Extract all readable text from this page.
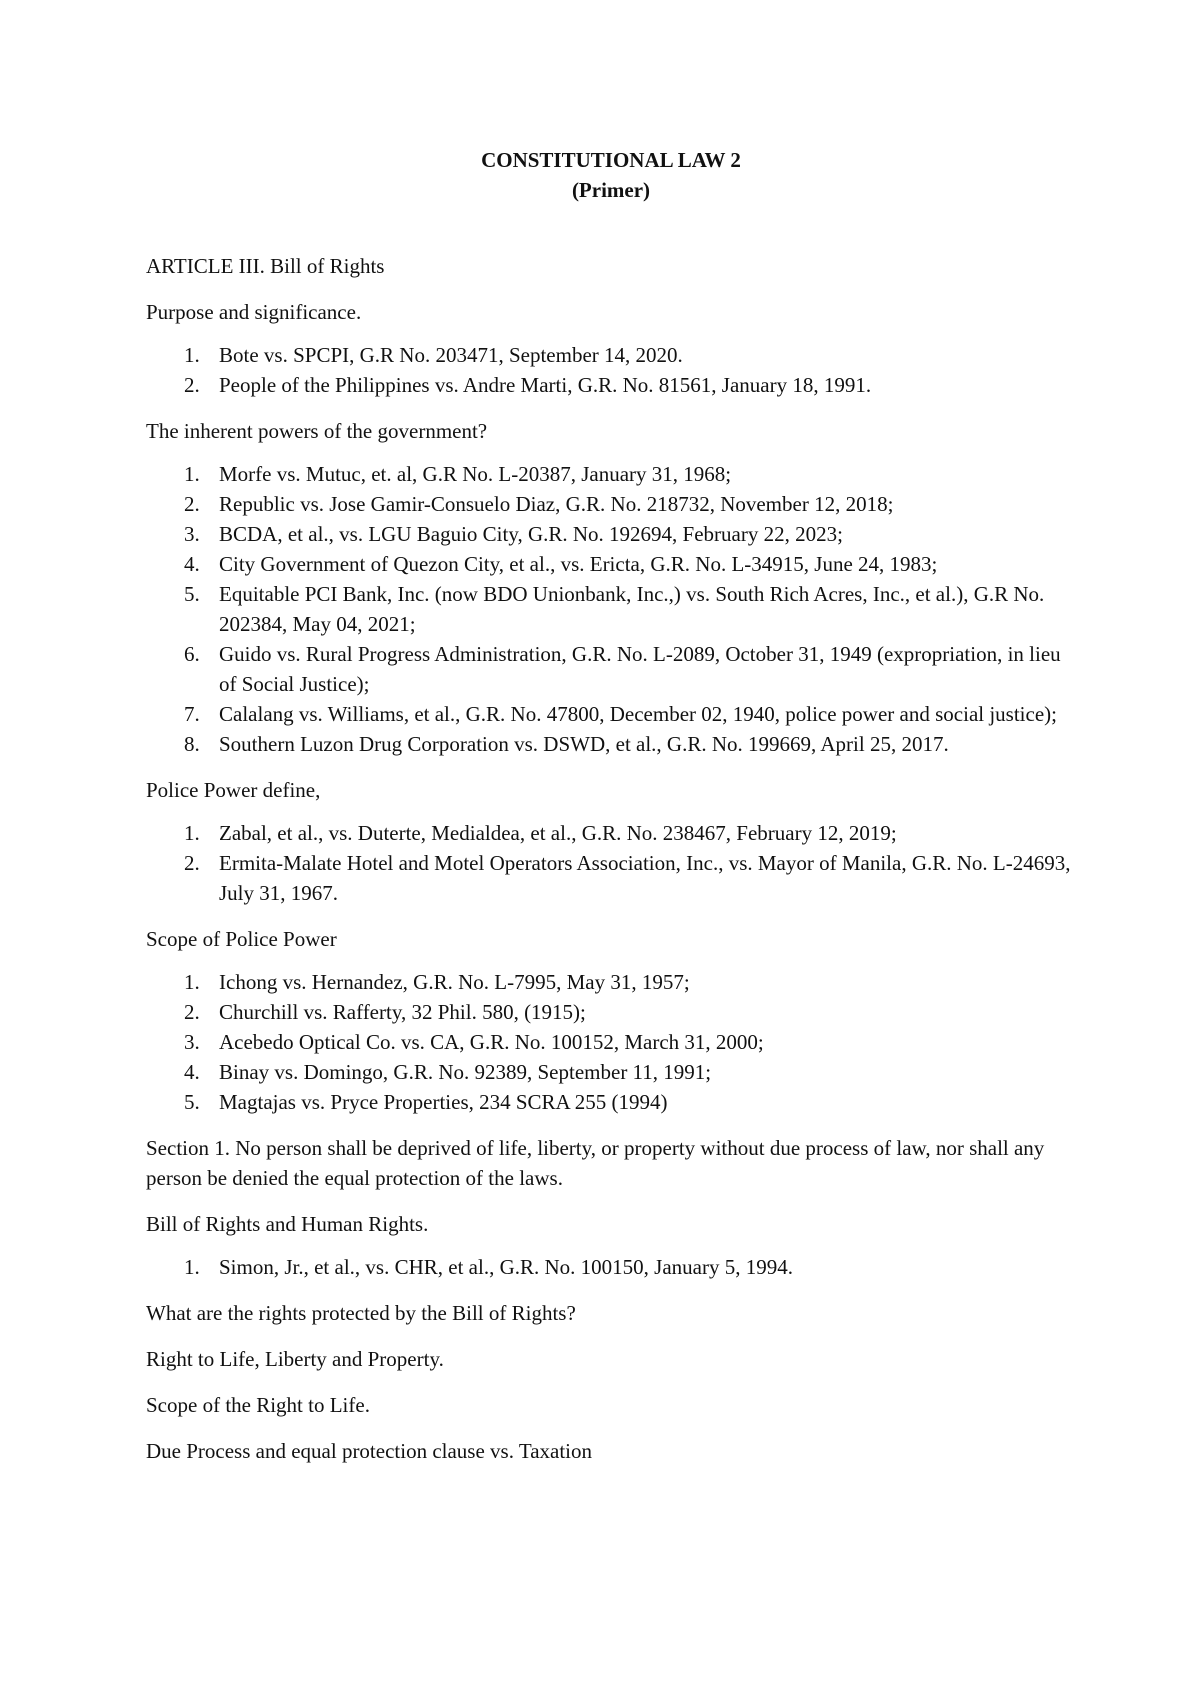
CONSTITUTIONAL LAW 2

(Primer)

ARTICLE III. Bill of Rights

Purpose and significance.

1. Bote vs. SPCPI, G.R No. 203471, September 14, 2020.
2. People of the Philippines vs. Andre Marti, G.R. No. 81561, January 18, 1991.

The inherent powers of the government?

1. Morfe vs. Mutuc, et. al, G.R No. L-20387, January 31, 1968;
2. Republic vs. Jose Gamir-Consuelo Diaz, G.R. No. 218732, November 12, 2018;
3. BCDA, et al., vs. LGU Baguio City, G.R. No. 192694, February 22, 2023;
4. City Government of Quezon City, et al., vs. Ericta, G.R. No. L-34915, June 24, 1983;
5. Equitable PCI Bank, Inc. (now BDO Unionbank, Inc.,) vs. South Rich Acres, Inc., et al.), G.R No. 202384, May 04, 2021;
6. Guido vs. Rural Progress Administration, G.R. No. L-2089, October 31, 1949 (expropriation, in lieu of Social Justice);
7. Calalang vs. Williams, et al., G.R. No. 47800, December 02, 1940, police power and social justice);
8. Southern Luzon Drug Corporation vs. DSWD, et al., G.R. No. 199669, April 25, 2017.

Police Power define,

1. Zabal, et al., vs. Duterte, Medialdea, et al., G.R. No. 238467, February 12, 2019;
2. Ermita-Malate Hotel and Motel Operators Association, Inc., vs. Mayor of Manila, G.R. No. L-24693, July 31, 1967.

Scope of Police Power

1. Ichong vs. Hernandez, G.R. No. L-7995, May 31, 1957;
2. Churchill vs. Rafferty, 32 Phil. 580, (1915);
3. Acebedo Optical Co. vs. CA, G.R. No. 100152, March 31, 2000;
4. Binay vs. Domingo, G.R. No. 92389, September 11, 1991;
5. Magtajas vs. Pryce Properties, 234 SCRA 255 (1994)

Section 1. No person shall be deprived of life, liberty, or property without due process of law, nor shall any person be denied the equal protection of the laws.

Bill of Rights and Human Rights.

1. Simon, Jr., et al., vs. CHR, et al., G.R. No. 100150, January 5, 1994.

What are the rights protected by the Bill of Rights?

Right to Life, Liberty and Property.

Scope of the Right to Life.

Due Process and equal protection clause vs. Taxation
